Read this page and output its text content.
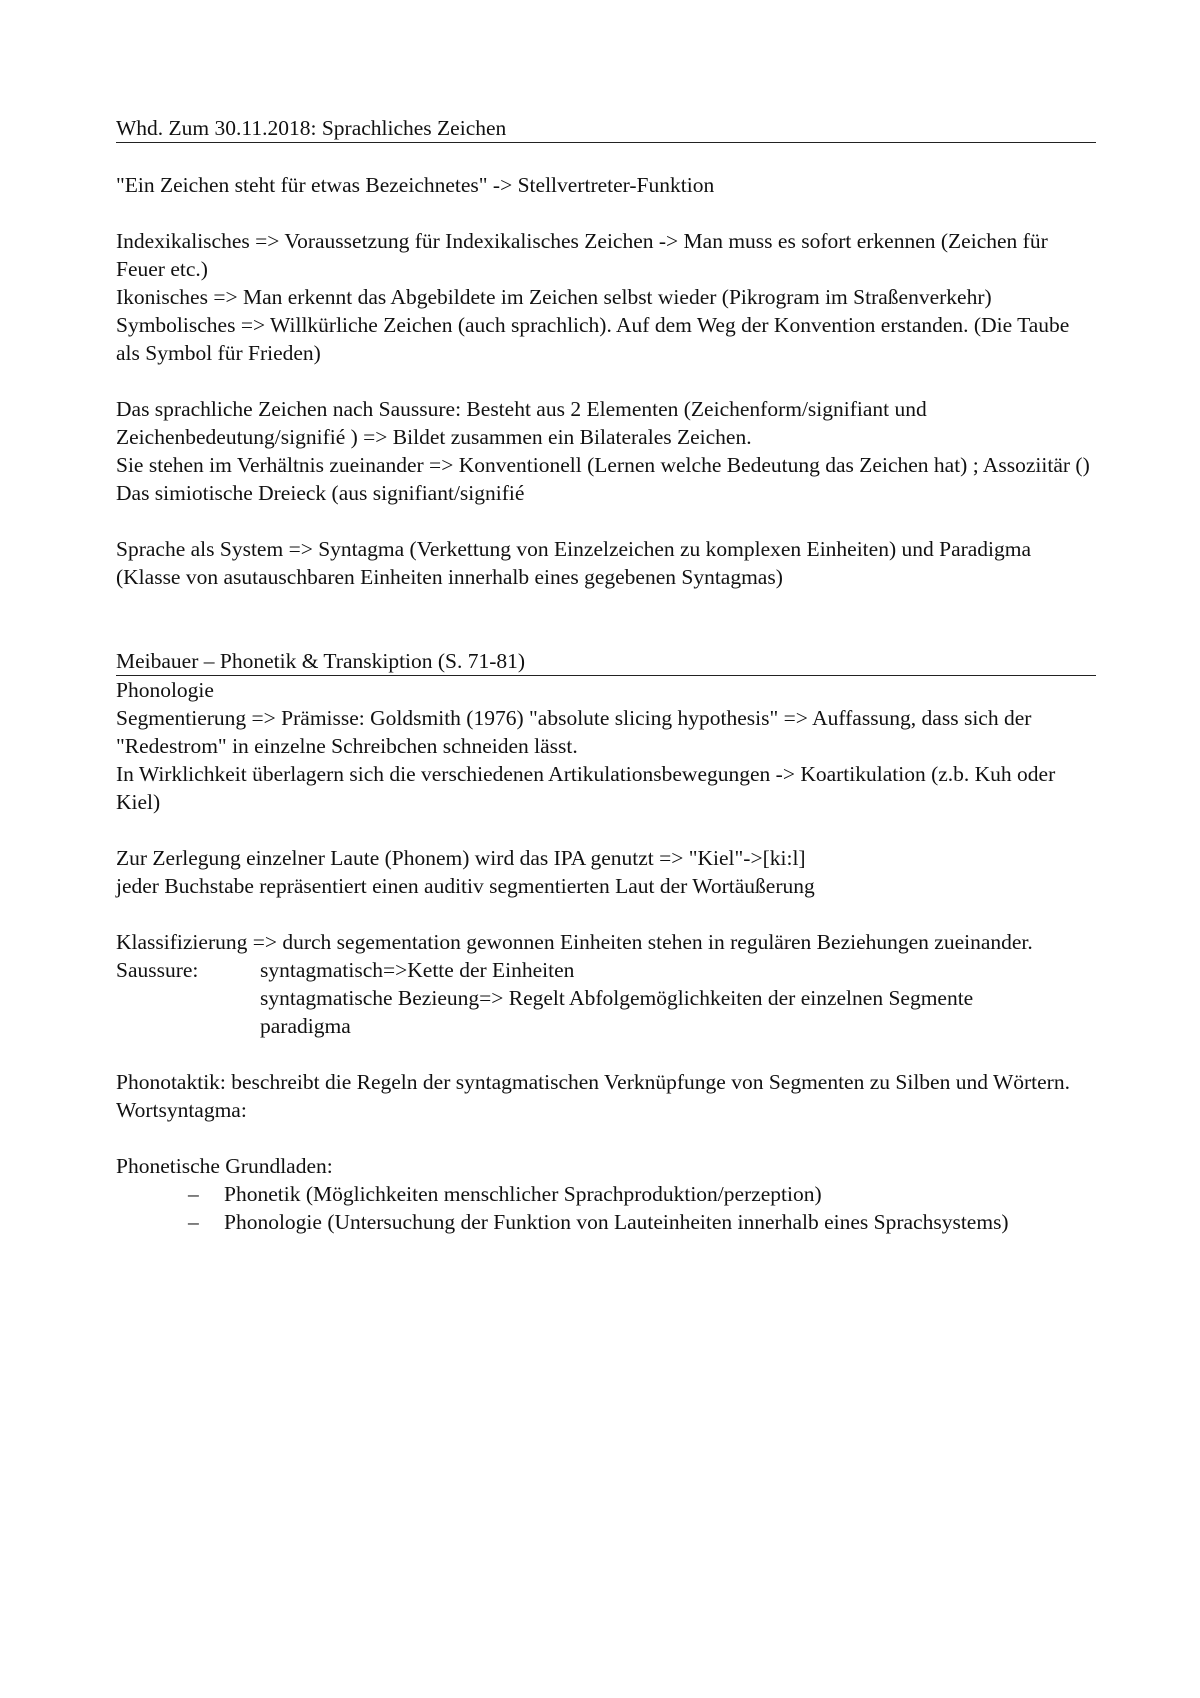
Whd. Zum 30.11.2018: Sprachliches Zeichen

"Ein Zeichen steht für etwas Bezeichnetes" -> Stellvertreter-Funktion

Indexikalisches => Voraussetzung für Indexikalisches Zeichen -> Man muss es sofort erkennen (Zeichen für Feuer etc.)

Ikonisches => Man erkennt das Abgebildete im Zeichen selbst wieder (Pikrogram im Straßenverkehr)

Symbolisches => Willkürliche Zeichen (auch sprachlich). Auf dem Weg der Konvention erstanden. (Die Taube als Symbol für Frieden)

Das sprachliche Zeichen nach Saussure: Besteht aus 2 Elementen (Zeichenform/signifiant und Zeichenbedeutung/signifié ) => Bildet zusammen ein Bilaterales Zeichen.

Sie stehen im Verhältnis zueinander => Konventionell (Lernen welche Bedeutung das Zeichen hat) ; Assoziitär ()

Das simiotische Dreieck (aus signifiant/signifié

Sprache als System => Syntagma (Verkettung von Einzelzeichen zu komplexen Einheiten) und Paradigma (Klasse von asutauschbaren Einheiten innerhalb eines gegebenen Syntagmas)

Meibauer – Phonetik & Transkiption (S. 71-81)

Phonologie

Segmentierung => Prämisse: Goldsmith (1976) "absolute slicing hypothesis" => Auffassung, dass sich der "Redestrom" in einzelne Schreibchen schneiden lässt.

In Wirklichkeit überlagern sich die verschiedenen Artikulationsbewegungen -> Koartikulation (z.b. Kuh oder Kiel)

Zur Zerlegung einzelner Laute (Phonem) wird das IPA genutzt => "Kiel"->[ki:l]

jeder Buchstabe repräsentiert einen auditiv segmentierten Laut der Wortäußerung

Klassifizierung => durch segementation gewonnen Einheiten stehen in regulären Beziehungen zueinander.

Saussure:	syntagmatisch=>Kette der Einheiten

syntagmatische Bezieung=> Regelt Abfolgemöglichkeiten der einzelnen Segmente

paradigma

Phonotaktik: beschreibt die Regeln der syntagmatischen Verknüpfunge von Segmenten zu Silben und Wörtern.

Wortsyntagma:

Phonetische Grundladen:

– Phonetik (Möglichkeiten menschlicher Sprachproduktion/perzeption)
– Phonologie (Untersuchung der Funktion von Lauteinheiten innerhalb eines Sprachsystems)
